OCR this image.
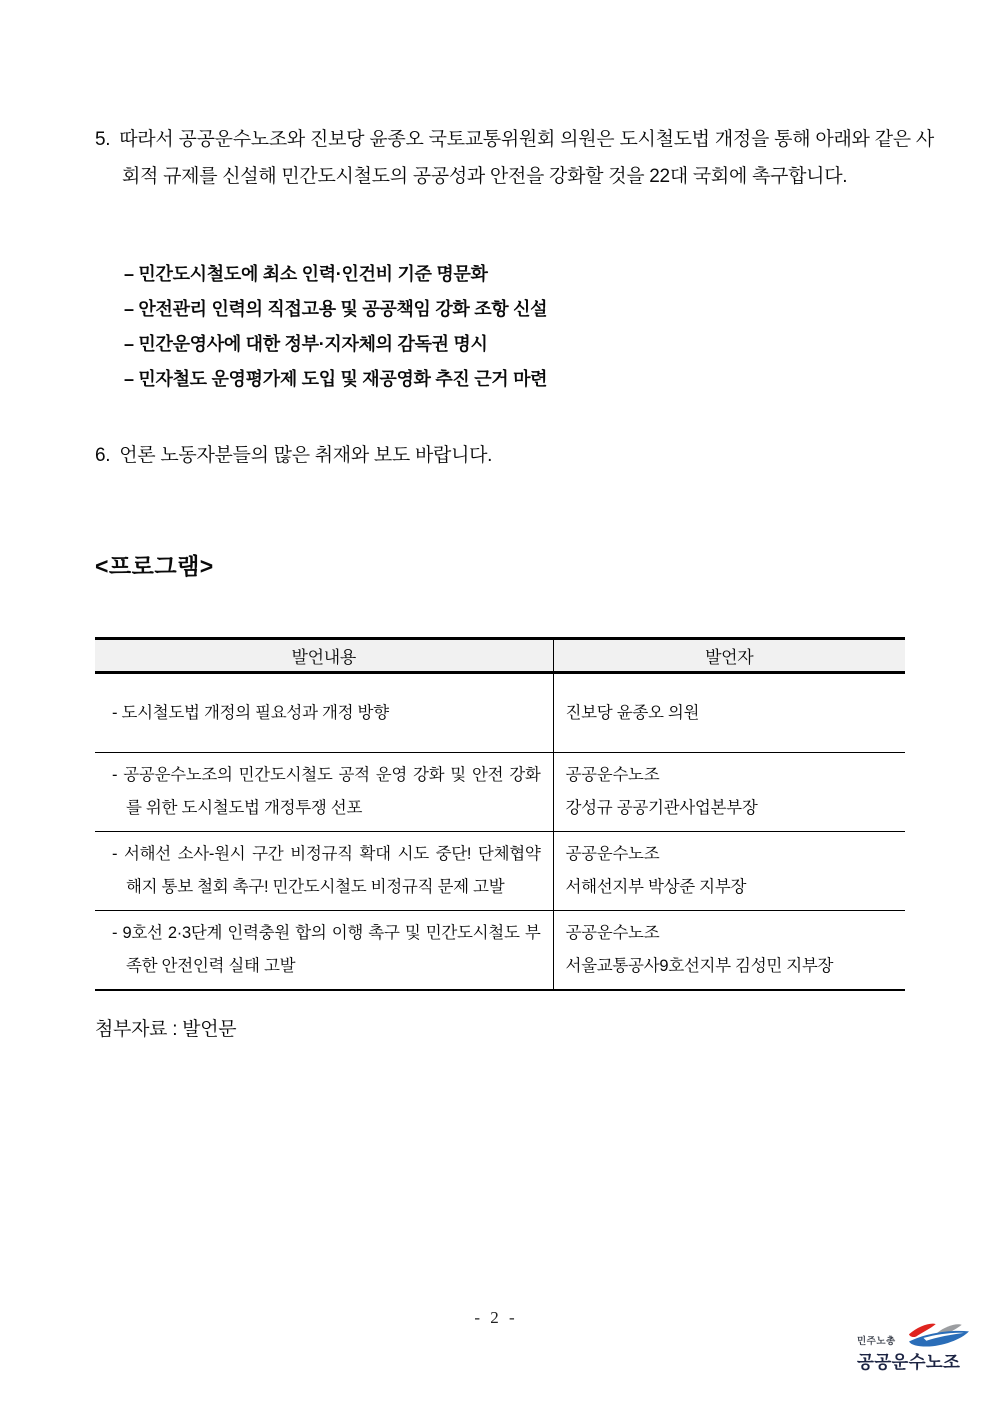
5. 따라서 공공운수노조와 진보당 윤종오 국토교통위원회 의원은 도시철도법 개정을 통해 아래와 같은 사회적 규제를 신설해 민간도시철도의 공공성과 안전을 강화할 것을 22대 국회에 촉구합니다.
– 민간도시철도에 최소 인력·인건비 기준 명문화
– 안전관리 인력의 직접고용 및 공공책임 강화 조항 신설
– 민간운영사에 대한 정부·지자체의 감독권 명시
– 민자철도 운영평가제 도입 및 재공영화 추진 근거 마련
6. 언론 노동자분들의 많은 취재와 보도 바랍니다.
<프로그램>
발언내용	발언자

- 도시철도법 개정의 필요성과 개정 방향	진보당 윤종오 의원

- 공공운수노조의 민간도시철도 공적 운영 강화 및 안전 강화를 위한 도시철도법 개정투쟁 선포	공공운수노조
강성규 공공기관사업본부장

- 서해선 소사-원시 구간 비정규직 확대 시도 중단! 단체협약 해지 통보 철회 촉구! 민간도시철도 비정규직 문제 고발	공공운수노조
서해선지부 박상준 지부장

- 9호선 2·3단계 인력충원 합의 이행 촉구 및 민간도시철도 부족한 안전인력 실태 고발	공공운수노조
서울교통공사9호선지부 김성민 지부장
첨부자료 : 발언문
- 2 -
민주노총
공공운수노조
